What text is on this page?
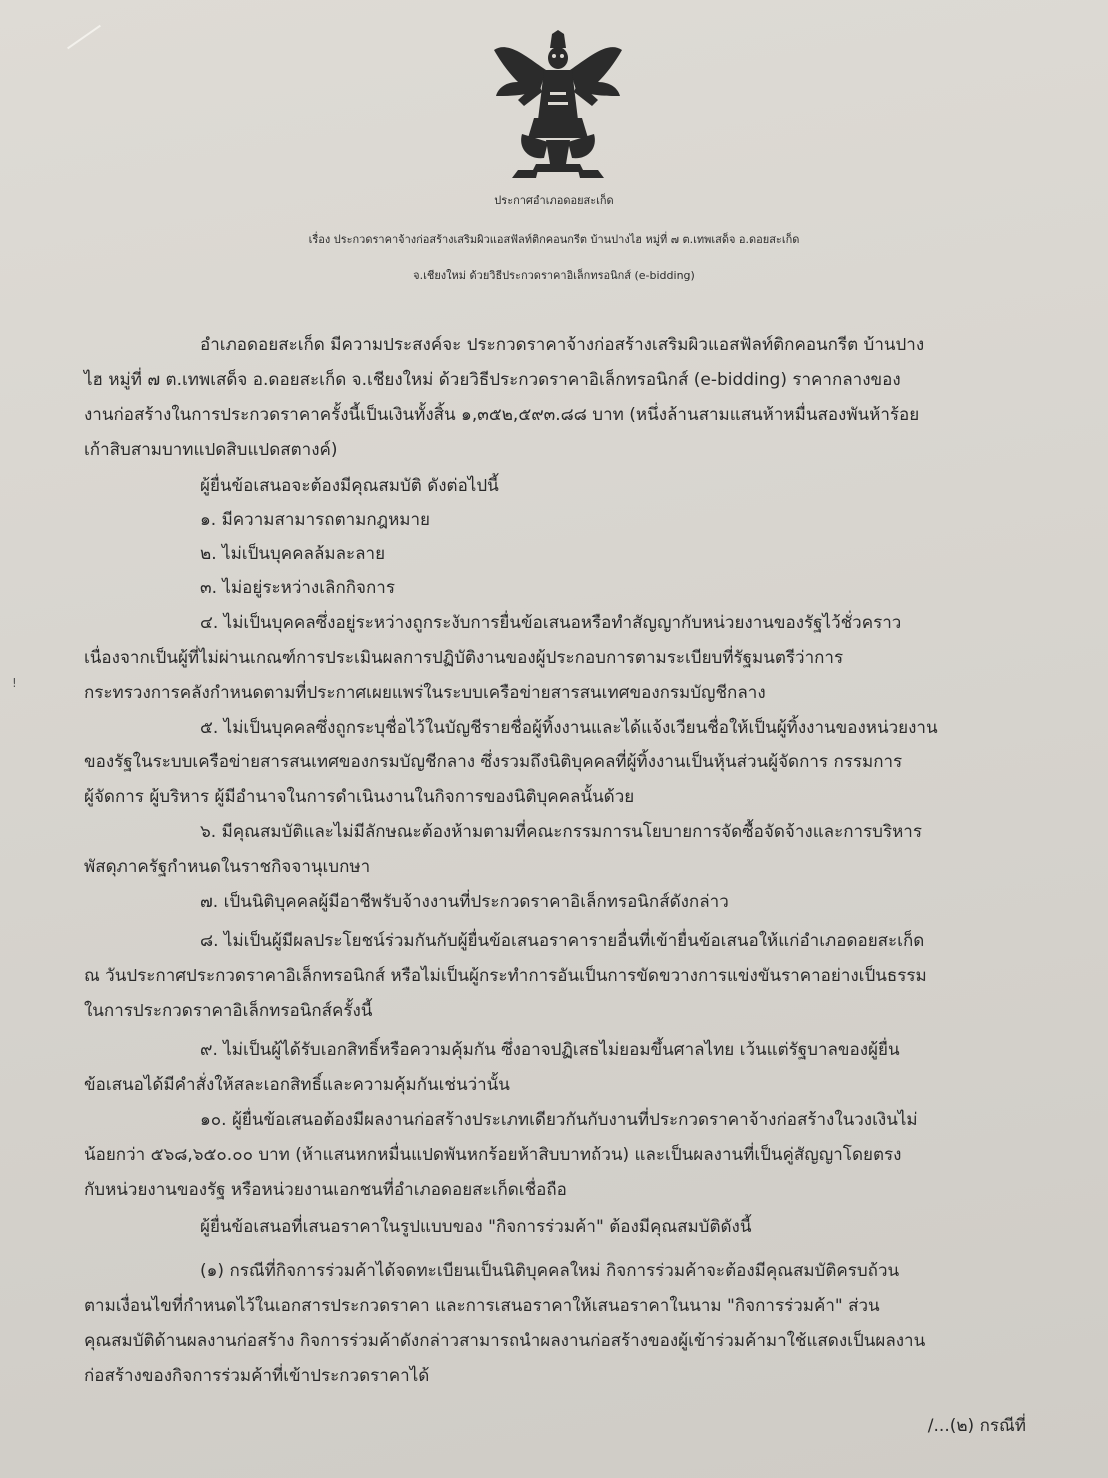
ประกาศอำเภอดอยสะเก็ด
เรื่อง ประกวดราคาจ้างก่อสร้างเสริมผิวแอสฟัลท์ติกคอนกรีต บ้านปางไฮ หมู่ที่ ๗ ต.เทพเสด็จ อ.ดอยสะเก็ด
จ.เชียงใหม่ ด้วยวิธีประกวดราคาอิเล็กทรอนิกส์ (e-bidding)
!
อำเภอดอยสะเก็ด มีความประสงค์จะ ประกวดราคาจ้างก่อสร้างเสริมผิวแอสฟัลท์ติกคอนกรีต บ้านปาง
ไฮ หมู่ที่ ๗ ต.เทพเสด็จ อ.ดอยสะเก็ด จ.เชียงใหม่ ด้วยวิธีประกวดราคาอิเล็กทรอนิกส์ (e-bidding) ราคากลางของ
งานก่อสร้างในการประกวดราคาครั้งนี้เป็นเงินทั้งสิ้น ๑,๓๕๒,๕๙๓.๘๘ บาท (หนึ่งล้านสามแสนห้าหมื่นสองพันห้าร้อย
เก้าสิบสามบาทแปดสิบแปดสตางค์)
ผู้ยื่นข้อเสนอจะต้องมีคุณสมบัติ ดังต่อไปนี้
๑. มีความสามารถตามกฎหมาย
๒. ไม่เป็นบุคคลล้มละลาย
๓. ไม่อยู่ระหว่างเลิกกิจการ
๔. ไม่เป็นบุคคลซึ่งอยู่ระหว่างถูกระงับการยื่นข้อเสนอหรือทำสัญญากับหน่วยงานของรัฐไว้ชั่วคราว
เนื่องจากเป็นผู้ที่ไม่ผ่านเกณฑ์การประเมินผลการปฏิบัติงานของผู้ประกอบการตามระเบียบที่รัฐมนตรีว่าการ
กระทรวงการคลังกำหนดตามที่ประกาศเผยแพร่ในระบบเครือข่ายสารสนเทศของกรมบัญชีกลาง
๕. ไม่เป็นบุคคลซึ่งถูกระบุชื่อไว้ในบัญชีรายชื่อผู้ทิ้งงานและได้แจ้งเวียนชื่อให้เป็นผู้ทิ้งงานของหน่วยงาน
ของรัฐในระบบเครือข่ายสารสนเทศของกรมบัญชีกลาง ซึ่งรวมถึงนิติบุคคลที่ผู้ทิ้งงานเป็นหุ้นส่วนผู้จัดการ กรรมการ
ผู้จัดการ ผู้บริหาร ผู้มีอำนาจในการดำเนินงานในกิจการของนิติบุคคลนั้นด้วย
๖. มีคุณสมบัติและไม่มีลักษณะต้องห้ามตามที่คณะกรรมการนโยบายการจัดซื้อจัดจ้างและการบริหาร
พัสดุภาครัฐกำหนดในราชกิจจานุเบกษา
๗. เป็นนิติบุคคลผู้มีอาชีพรับจ้างงานที่ประกวดราคาอิเล็กทรอนิกส์ดังกล่าว
๘. ไม่เป็นผู้มีผลประโยชน์ร่วมกันกับผู้ยื่นข้อเสนอราคารายอื่นที่เข้ายื่นข้อเสนอให้แก่อำเภอดอยสะเก็ด
ณ วันประกาศประกวดราคาอิเล็กทรอนิกส์ หรือไม่เป็นผู้กระทำการอันเป็นการขัดขวางการแข่งขันราคาอย่างเป็นธรรม
ในการประกวดราคาอิเล็กทรอนิกส์ครั้งนี้
๙. ไม่เป็นผู้ได้รับเอกสิทธิ์หรือความคุ้มกัน ซึ่งอาจปฏิเสธไม่ยอมขึ้นศาลไทย เว้นแต่รัฐบาลของผู้ยื่น
ข้อเสนอได้มีคำสั่งให้สละเอกสิทธิ์และความคุ้มกันเช่นว่านั้น
๑๐. ผู้ยื่นข้อเสนอต้องมีผลงานก่อสร้างประเภทเดียวกันกับงานที่ประกวดราคาจ้างก่อสร้างในวงเงินไม่
น้อยกว่า ๕๖๘,๖๕๐.๐๐ บาท (ห้าแสนหกหมื่นแปดพันหกร้อยห้าสิบบาทถ้วน) และเป็นผลงานที่เป็นคู่สัญญาโดยตรง
กับหน่วยงานของรัฐ หรือหน่วยงานเอกชนที่อำเภอดอยสะเก็ดเชื่อถือ
ผู้ยื่นข้อเสนอที่เสนอราคาในรูปแบบของ "กิจการร่วมค้า" ต้องมีคุณสมบัติดังนี้
(๑) กรณีที่กิจการร่วมค้าได้จดทะเบียนเป็นนิติบุคคลใหม่ กิจการร่วมค้าจะต้องมีคุณสมบัติครบถ้วน
ตามเงื่อนไขที่กำหนดไว้ในเอกสารประกวดราคา และการเสนอราคาให้เสนอราคาในนาม "กิจการร่วมค้า" ส่วน
คุณสมบัติด้านผลงานก่อสร้าง กิจการร่วมค้าดังกล่าวสามารถนำผลงานก่อสร้างของผู้เข้าร่วมค้ามาใช้แสดงเป็นผลงาน
ก่อสร้างของกิจการร่วมค้าที่เข้าประกวดราคาได้
/...(๒) กรณีที่
